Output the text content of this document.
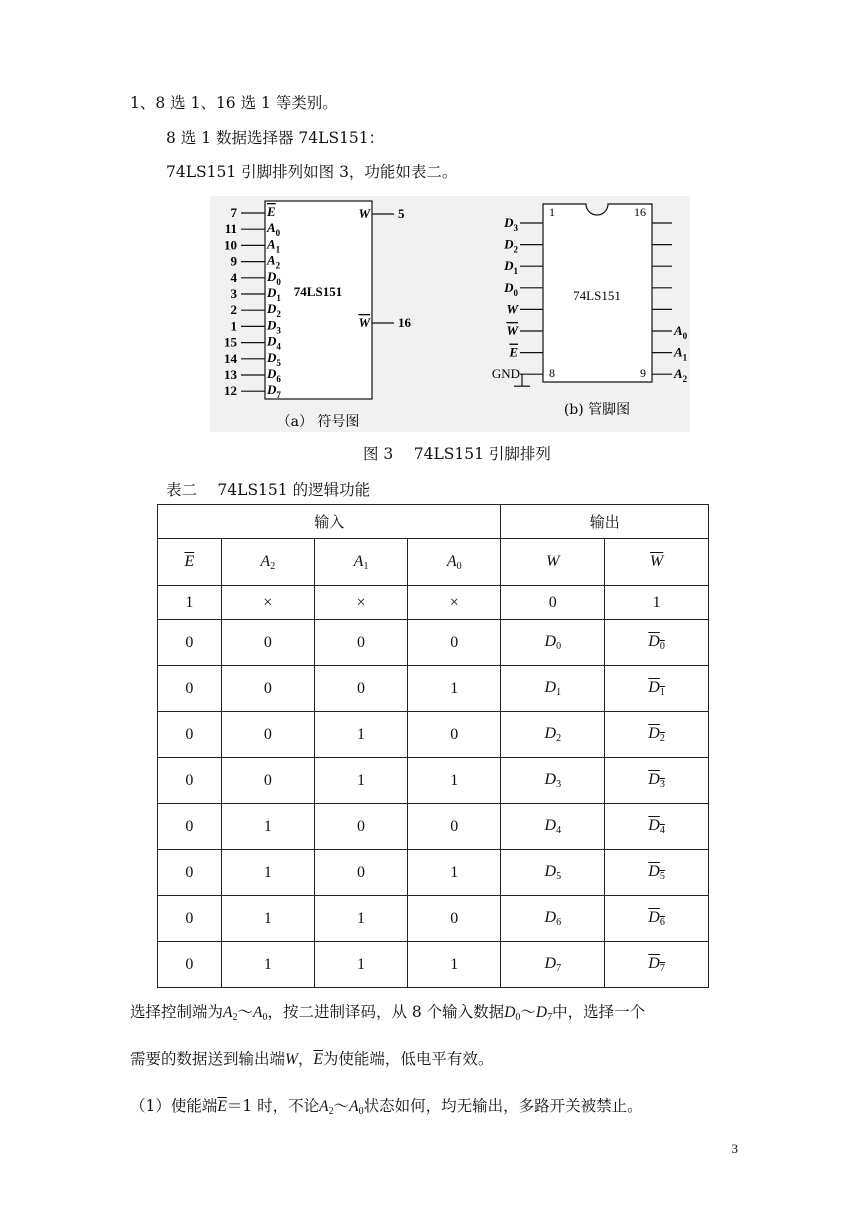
1、8 选 1、16 选 1 等类别。
8 选 1 数据选择器 74LS151：
74LS151 引脚排列如图 3，功能如表二。
74LS151
7 E
11 $A_0$
10 $A_1$
9 $A_2$
4 $D_0$
3 $D_1$
2 $D_2$
1 $D_3$
15 $D_4$
14 $D_5$
13 $D_6$
12 $D_7$
W 5
W 16
（a） 符号图
74LS151
1	16
8	9
$D_3$
$D_2$
$D_1$
$D_0$
W
W
E
GND
$A_0$
$A_1$
$A_2$
(b) 管脚图
图 3 　74LS151 引脚排列
表二 　74LS151 的逻辑功能
输入				输出	
$\overline{E}$	$A_2$	$A_1$	$A_0$	W	$\overline{W}$
1	×	×	×	0	1
0	0	0	0	$D_0$	$D_0$
0	0	0	1	$D_1$	$D_1$
0	0	1	0	$D_2$	$D_2$
0	0	1	1	$D_3$	$D_3$
0	1	0	0	$D_4$	$D_4$
0	1	0	1	$D_5$	$D_5$
0	1	1	0	$D_6$	$D_6$
0	1	1	1	$D_7$	$D_7$
选择控制端为$A_2\sim A_0$，按二进制译码，从 8 个输入数据$D_0\sim D_7$中，选择一个
需要的数据送到输出端W，$\overline{E}$为使能端，低电平有效。
（1）使能端$\overline{E}=1$ 时，不论$A_2\sim A_0$状态如何，均无输出，多路开关被禁止。
3
